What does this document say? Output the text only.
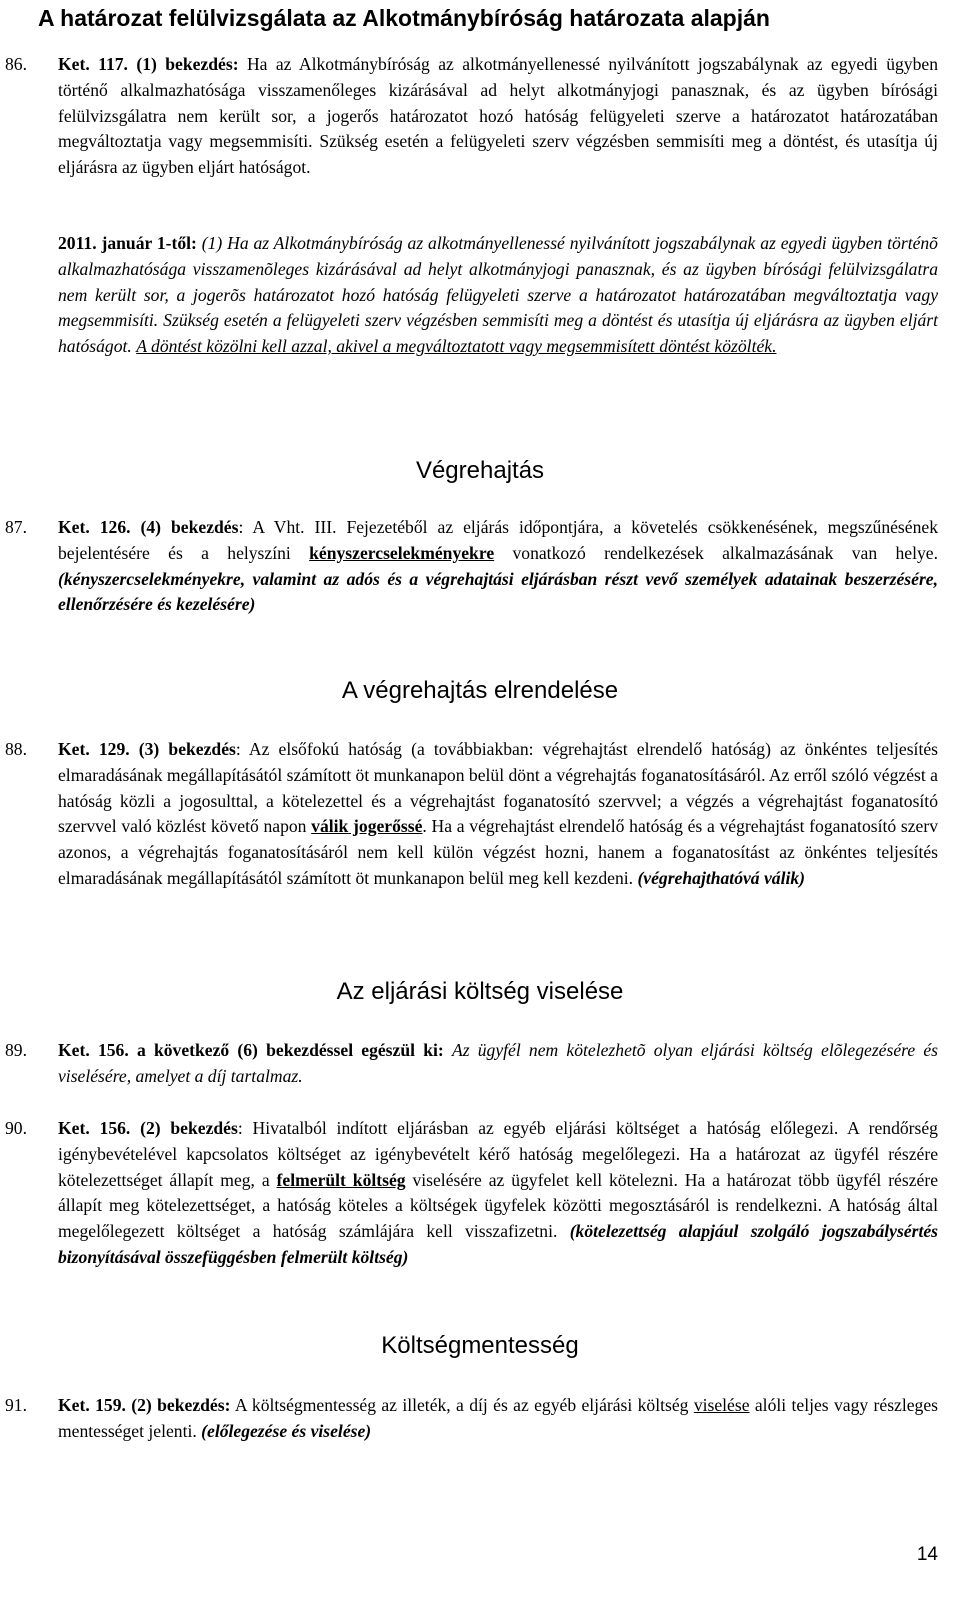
A határozat felülvizsgálata az Alkotmánybíróság határozata alapján
86.	Ket. 117. (1) bekezdés: Ha az Alkotmánybíróság az alkotmányellenessé nyilvánított jogszabálynak az egyedi ügyben történő alkalmazhatósága visszamenőleges kizárásával ad helyt alkotmányjogi panasznak, és az ügyben bírósági felülvizsgálatra nem került sor, a jogerős határozatot hozó hatóság felügyeleti szerve a határozatot határozatában megváltoztatja vagy megsemmisíti. Szükség esetén a felügyeleti szerv végzésben semmisíti meg a döntést, és utasítja új eljárásra az ügyben eljárt hatóságot.

2011. január 1-től: (1) Ha az Alkotmánybíróság az alkotmányellenessé nyilvánított jogszabálynak az egyedi ügyben történõ alkalmazhatósága visszamenõleges kizárásával ad helyt alkotmányjogi panasznak, és az ügyben bírósági felülvizsgálatra nem került sor, a jogerõs határozatot hozó hatóság felügyeleti szerve a határozatot határozatában megváltoztatja vagy megsemmisíti. Szükség esetén a felügyeleti szerv végzésben semmisíti meg a döntést és utasítja új eljárásra az ügyben eljárt hatóságot. A döntést közölni kell azzal, akivel a megváltoztatott vagy megsemmisített döntést közölték.

Végrehajtás
87.	Ket. 126. (4) bekezdés: A Vht. III. Fejezetéből az eljárás időpontjára, a követelés csökkenésének, megszűnésének bejelentésére és a helyszíni kényszercselekményekre vonatkozó rendelkezések alkalmazásának van helye. (kényszercselekményekre, valamint az adós és a végrehajtási eljárásban részt vevő személyek adatainak beszerzésére, ellenőrzésére és kezelésére)

A végrehajtás elrendelése
88.	Ket. 129. (3) bekezdés: Az elsőfokú hatóság (a továbbiakban: végrehajtást elrendelő hatóság) az önkéntes teljesítés elmaradásának megállapításától számított öt munkanapon belül dönt a végrehajtás foganatosításáról. Az erről szóló végzést a hatóság közli a jogosulttal, a kötelezettel és a végrehajtást foganatosító szervvel; a végzés a végrehajtást foganatosító szervvel való közlést követő napon válik jogerőssé. Ha a végrehajtást elrendelő hatóság és a végrehajtást foganatosító szerv azonos, a végrehajtás foganatosításáról nem kell külön végzést hozni, hanem a foganatosítást az önkéntes teljesítés elmaradásának megállapításától számított öt munkanapon belül meg kell kezdeni. (végrehajthatóvá válik)

Az eljárási költség viselése
89.	Ket. 156. a következő (6) bekezdéssel egészül ki: Az ügyfél nem kötelezhetõ olyan eljárási költség elõlegezésére és viselésére, amelyet a díj tartalmaz.

90.	Ket. 156. (2) bekezdés: Hivatalból indított eljárásban az egyéb eljárási költséget a hatóság előlegezi. A rendőrség igénybevételével kapcsolatos költséget az igénybevételt kérő hatóság megelőlegezi. Ha a határozat az ügyfél részére kötelezettséget állapít meg, a felmerült költség viselésére az ügyfelet kell kötelezni. Ha a határozat több ügyfél részére állapít meg kötelezettséget, a hatóság köteles a költségek ügyfelek közötti megosztásáról is rendelkezni. A hatóság által megelőlegezett költséget a hatóság számlájára kell visszafizetni. (kötelezettség alapjául szolgáló jogszabálysértés bizonyításával összefüggésben felmerült költség)

Költségmentesség
91.	Ket. 159. (2) bekezdés: A költségmentesség az illeték, a díj és az egyéb eljárási költség viselése alóli teljes vagy részleges mentességet jelenti. (előlegezése és viselése)

14
